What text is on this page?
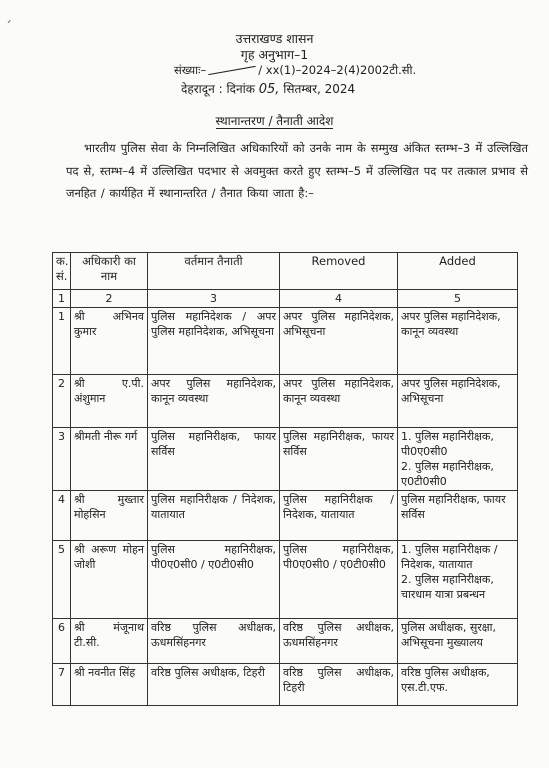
´
उत्तराखण्ड शासन
गृह अनुभाग–1
संख्याः–	/ xx(1)–2024–2(4)2002टी.सी.
देहरादून : दिनांक 05, सितम्बर, 2024
स्थानान्तरण / तैनाती आदेश
भारतीय पुलिस सेवा के निम्नलिखित अधिकारियों को उनके नाम के सम्मुख अंकित स्तम्भ–3 में उल्लिखित पद से, स्तम्भ–4 में उल्लिखित पदभार से अवमुक्त करते हुए स्तम्भ–5 में उल्लिखित पद पर तत्काल प्रभाव से जनहित / कार्यहित में स्थानान्तरित / तैनात किया जाता है:–
क. सं.	अधिकारी का नाम	वर्तमान तैनाती	Removed	Added
1	2	3	4	5
1	श्री अभिनव कुमार	पुलिस महानिदेशक / अपर पुलिस महानिदेशक, अभिसूचना	अपर पुलिस महानिदेशक, अभिसूचना	अपर पुलिस महानिदेशक, कानून व्यवस्था
2	श्री ए.पी. अंशुमान	अपर पुलिस महानिदेशक, कानून व्यवस्था	अपर पुलिस महानिदेशक, कानून व्यवस्था	अपर पुलिस महानिदेशक, अभिसूचना
3	श्रीमती नीरू गर्ग	पुलिस महानिरीक्षक, फायर सर्विस	पुलिस महानिरीक्षक, फायर सर्विस	1. पुलिस महानिरीक्षक, पी0ए0सी0
2. पुलिस महानिरीक्षक, ए0टी0सी0
4	श्री मुख्तार मोहसिन	पुलिस महानिरीक्षक / निदेशक, यातायात	पुलिस महानिरीक्षक / निदेशक, यातायात	पुलिस महानिरीक्षक, फायर सर्विस
5	श्री अरूण मोहन जोशी	पुलिस महानिरीक्षक, पी0ए0सी0 / ए0टी0सी0	पुलिस महानिरीक्षक, पी0ए0सी0 / ए0टी0सी0	1. पुलिस महानिरीक्षक / निदेशक, यातायात
2. पुलिस महानिरीक्षक, चारधाम यात्रा प्रबन्धन
6	श्री मंजूनाथ टी.सी.	वरिष्ठ पुलिस अधीक्षक, ऊधमसिंहनगर	वरिष्ठ पुलिस अधीक्षक, ऊधमसिंहनगर	पुलिस अधीक्षक, सुरक्षा, अभिसूचना मुख्यालय
7	श्री नवनीत सिंह	वरिष्ठ पुलिस अधीक्षक, टिहरी	वरिष्ठ पुलिस अधीक्षक, टिहरी	वरिष्ठ पुलिस अधीक्षक, एस.टी.एफ.
